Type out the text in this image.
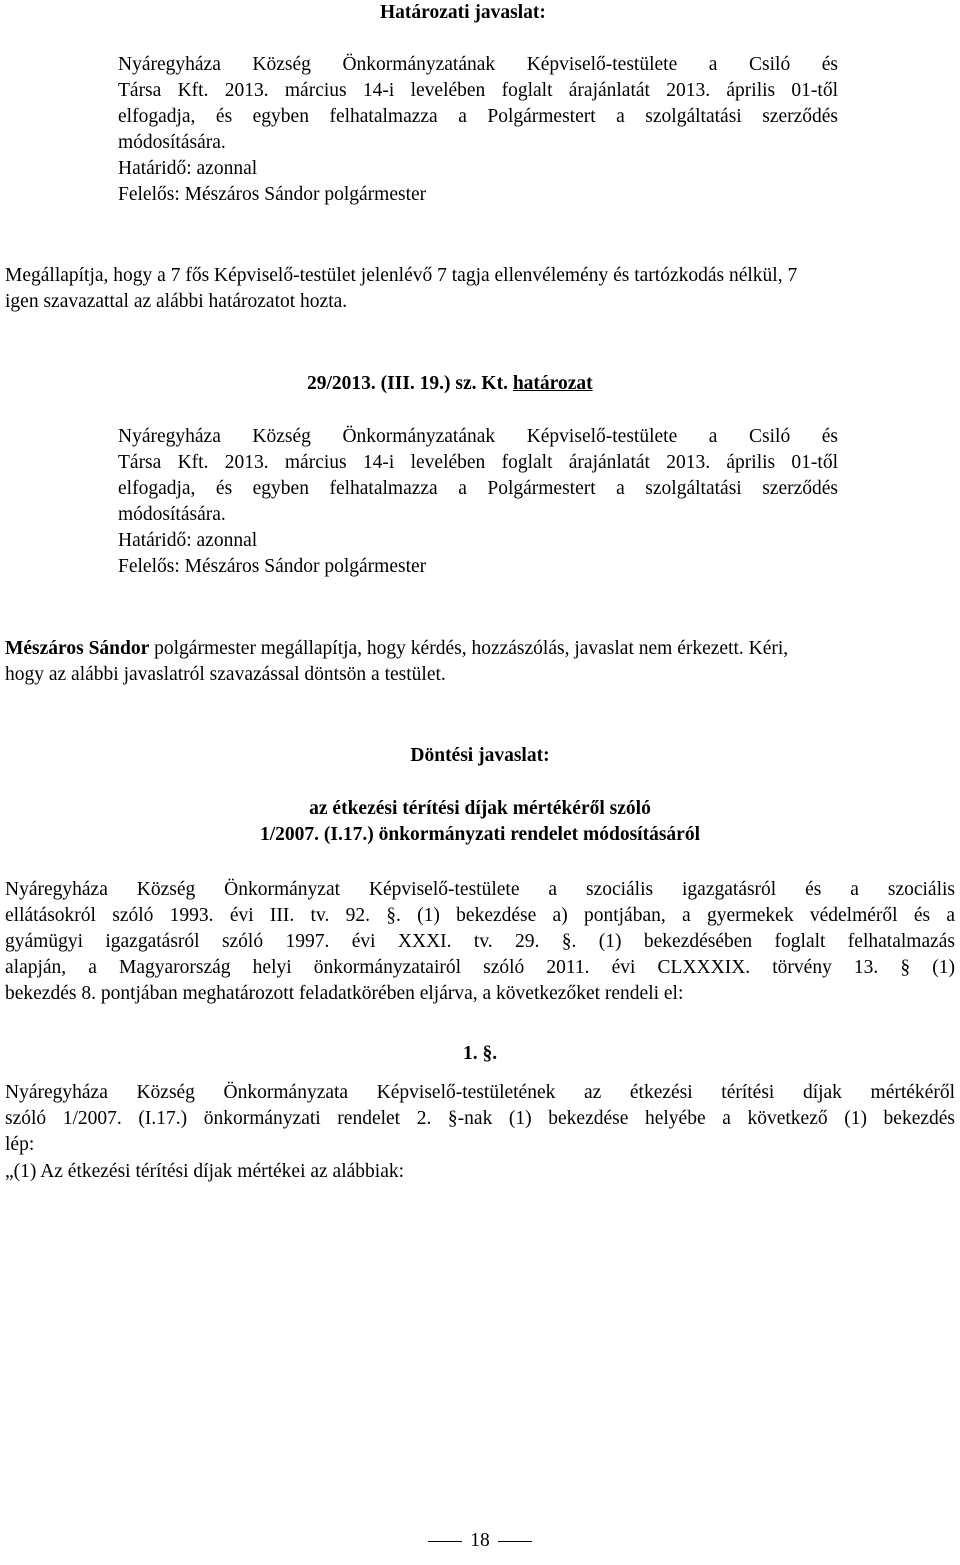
Határozati javaslat:
Nyáregyháza Község Önkormányzatának Képviselő-testülete a Csiló és
Társa Kft. 2013. március 14-i levelében foglalt árajánlatát 2013. április 01-től
elfogadja, és egyben felhatalmazza a Polgármestert a szolgáltatási szerződés
módosítására.
Határidő: azonnal
Felelős: Mészáros Sándor polgármester
Megállapítja, hogy a 7 fős Képviselő-testület jelenlévő 7 tagja ellenvélemény és tartózkodás nélkül, 7
igen szavazattal az alábbi határozatot hozta.
29/2013. (III. 19.) sz. Kt. határozat
Nyáregyháza Község Önkormányzatának Képviselő-testülete a Csiló és
Társa Kft. 2013. március 14-i levelében foglalt árajánlatát 2013. április 01-től
elfogadja, és egyben felhatalmazza a Polgármestert a szolgáltatási szerződés
módosítására.
Határidő: azonnal
Felelős: Mészáros Sándor polgármester
Mészáros Sándor polgármester megállapítja, hogy kérdés, hozzászólás, javaslat nem érkezett. Kéri,
hogy az alábbi javaslatról szavazással döntsön a testület.
Döntési javaslat:
az étkezési térítési díjak mértékéről szóló
1/2007. (I.17.) önkormányzati rendelet módosításáról
Nyáregyháza Község Önkormányzat Képviselő-testülete a szociális igazgatásról és a szociális
ellátásokról szóló 1993. évi III. tv. 92. §. (1) bekezdése a) pontjában, a gyermekek védelméről és a
gyámügyi igazgatásról szóló 1997. évi XXXI. tv. 29. §. (1) bekezdésében foglalt felhatalmazás
alapján, a Magyarország helyi önkormányzatairól szóló 2011. évi CLXXXIX. törvény 13. § (1)
bekezdés 8. pontjában meghatározott feladatkörében eljárva, a következőket rendeli el:
1. §.
Nyáregyháza Község Önkormányzata Képviselő-testületének az étkezési térítési díjak mértékéről
szóló 1/2007. (I.17.) önkormányzati rendelet 2. §-nak (1) bekezdése helyébe a következő (1) bekezdés
lép:
„(1) Az étkezési térítési díjak mértékei az alábbiak:
18
